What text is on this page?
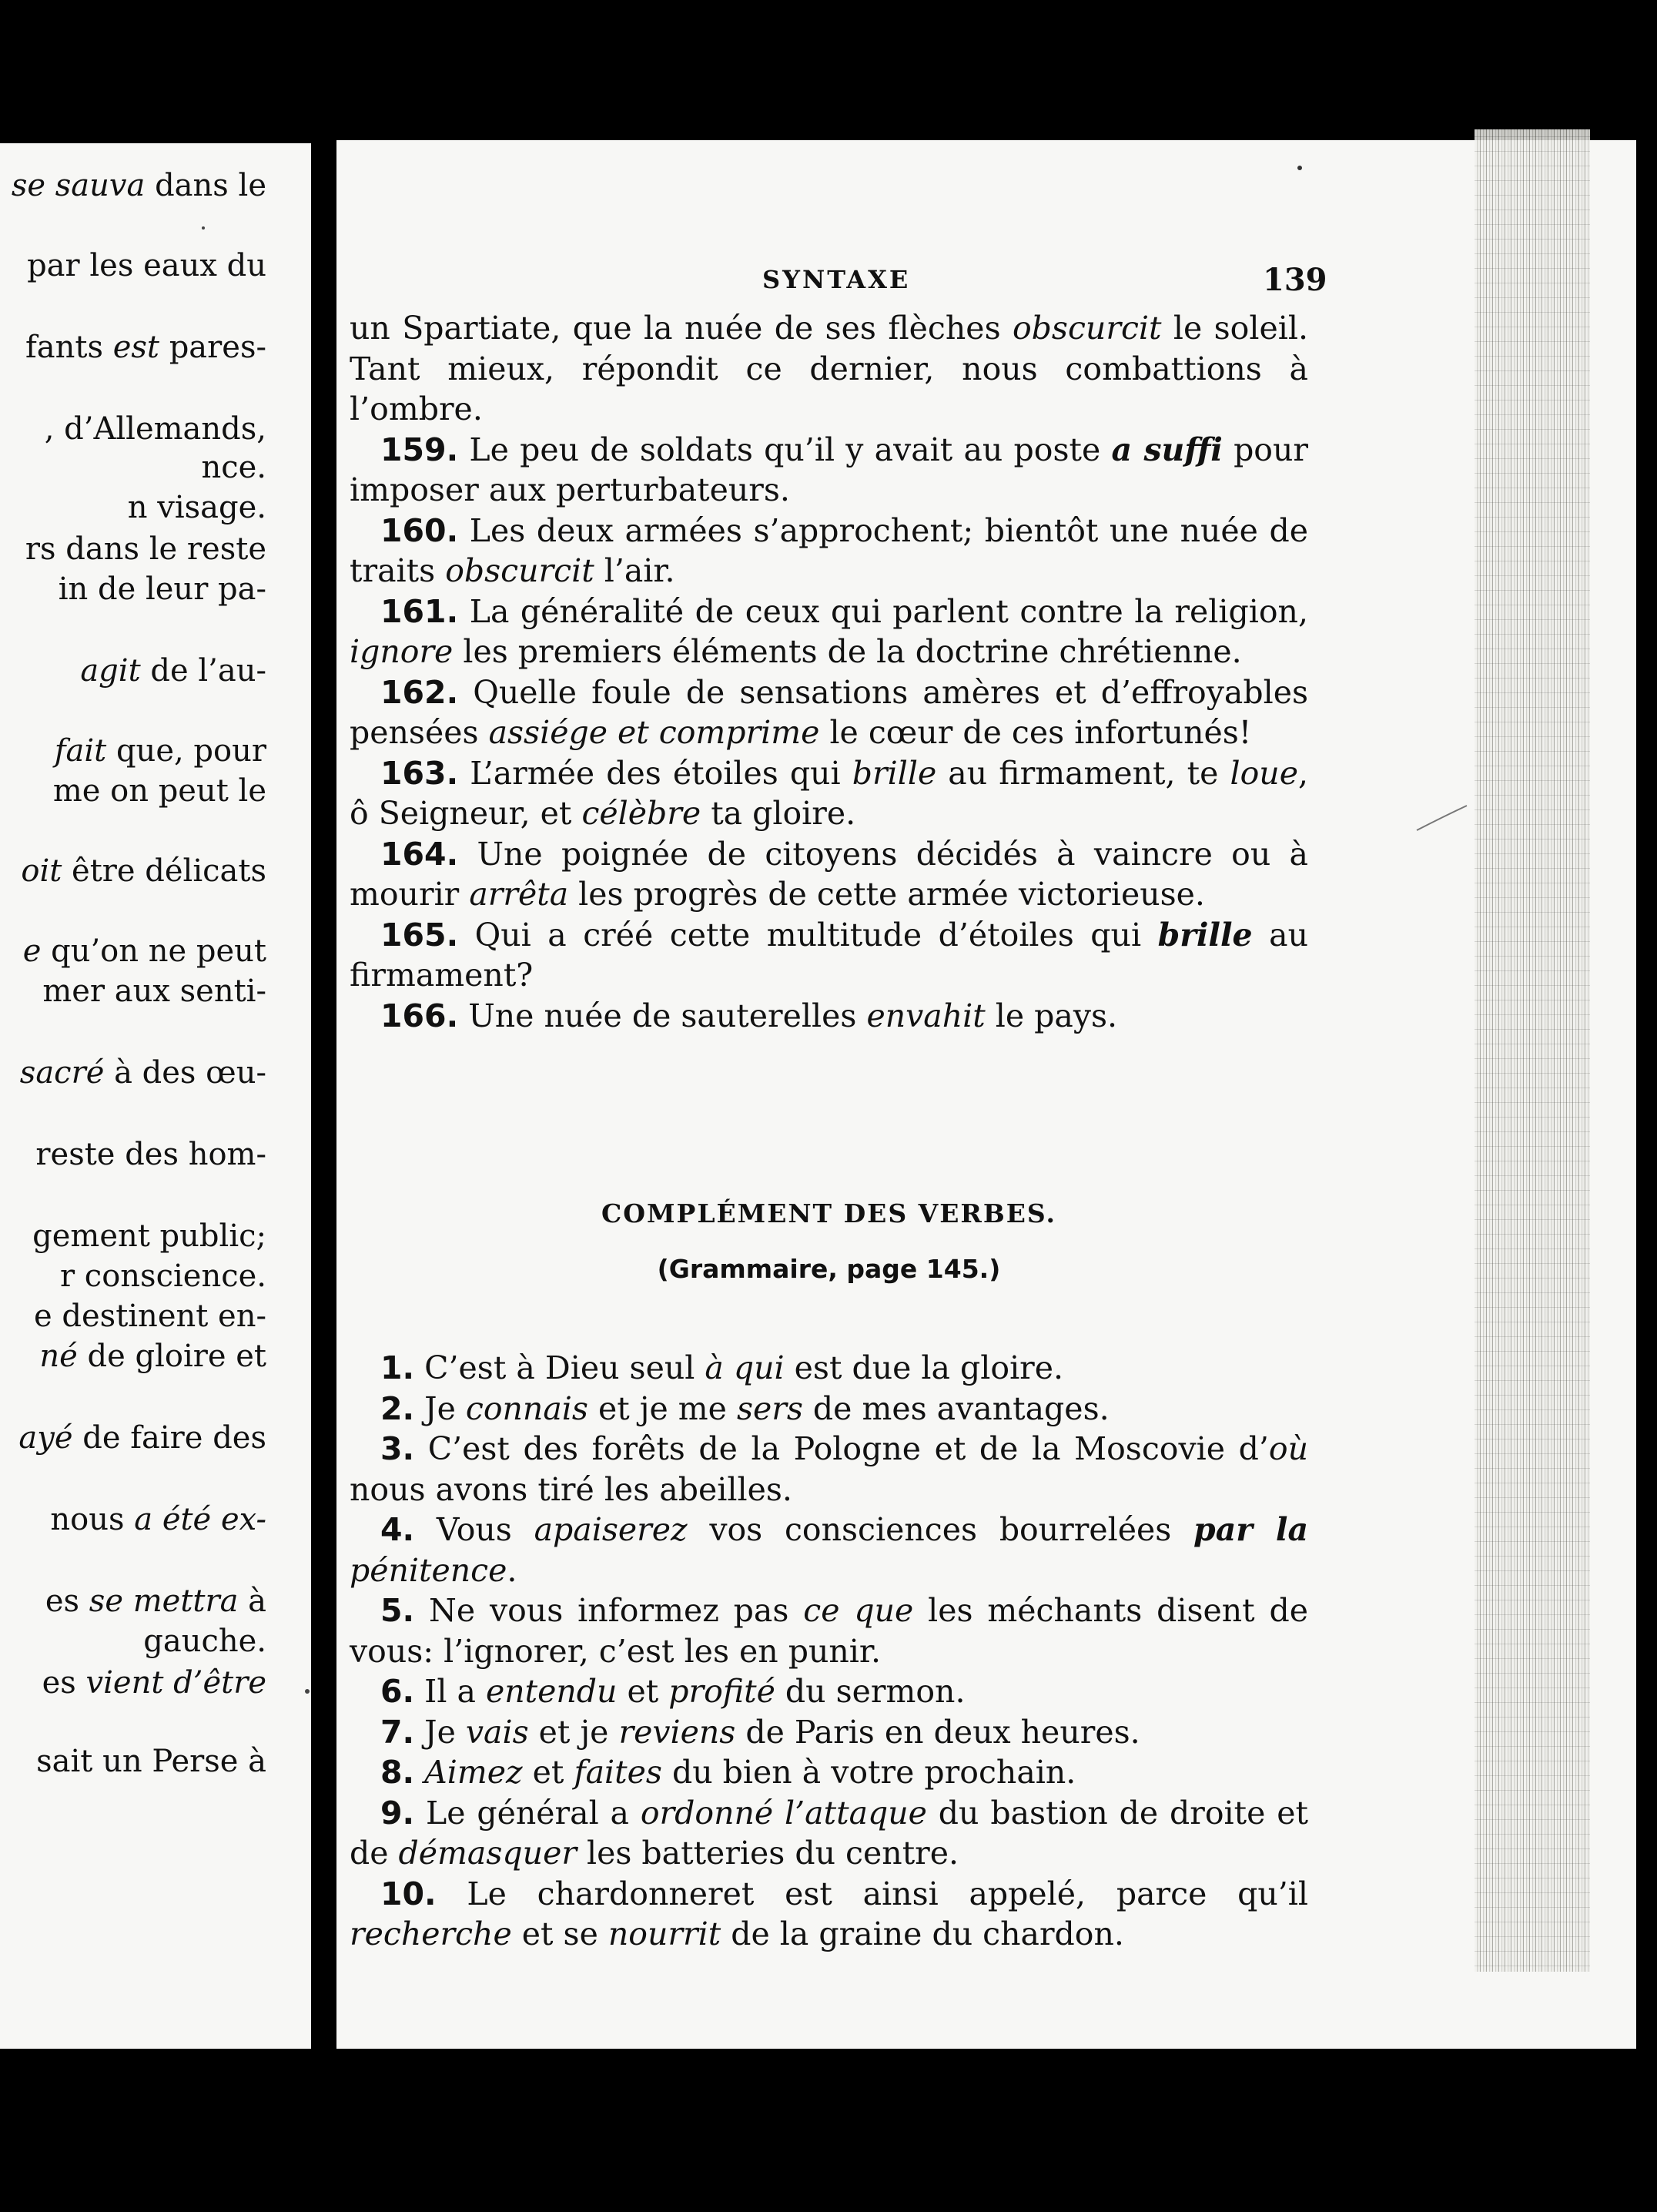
se sauva dans le
par les eaux du
fants est pares-
, d’Allemands,
nce.
n visage.
rs dans le reste
in de leur pa-
agit de l’au-
fait que, pour
me on peut le
oit être délicats
e qu’on ne peut
mer aux senti-
sacré à des œu-
reste des hom-
gement public;
r conscience.
e destinent en-
né de gloire et
ayé de faire des
nous a été ex-
es se mettra à
gauche.
es vient d’être
sait un Perse à
SYNTAXE	139

un Spartiate, que la nuée de ses flèches obscurcit le soleil. Tant mieux, répondit ce dernier, nous combattions à l’ombre.

159. Le peu de soldats qu’il y avait au poste a suffi pour imposer aux perturbateurs.

160. Les deux armées s’approchent; bientôt une nuée de traits obscurcit l’air.

161. La généralité de ceux qui parlent contre la religion, ignore les premiers éléments de la doctrine chrétienne.

162. Quelle foule de sensations amères et d’effroyables pensées assiége et comprime le cœur de ces infortunés!

163. L’armée des étoiles qui brille au firmament, te loue, ô Seigneur, et célèbre ta gloire.

164. Une poignée de citoyens décidés à vaincre ou à mourir arrêta les progrès de cette armée victorieuse.

165. Qui a créé cette multitude d’étoiles qui brille au firmament?

166. Une nuée de sauterelles envahit le pays.

COMPLÉMENT DES VERBES.
(Grammaire, page 145.)

1. C’est à Dieu seul à qui est due la gloire.

2. Je connais et je me sers de mes avantages.

3. C’est des forêts de la Pologne et de la Moscovie d’où nous avons tiré les abeilles.

4. Vous apaiserez vos consciences bourrelées par la pénitence.

5. Ne vous informez pas ce que les méchants disent de vous: l’ignorer, c’est les en punir.

6. Il a entendu et profité du sermon.

7. Je vais et je reviens de Paris en deux heures.

8. Aimez et faites du bien à votre prochain.

9. Le général a ordonné l’attaque du bastion de droite et de démasquer les batteries du centre.

10. Le chardonneret est ainsi appelé, parce qu’il recherche et se nourrit de la graine du chardon.
